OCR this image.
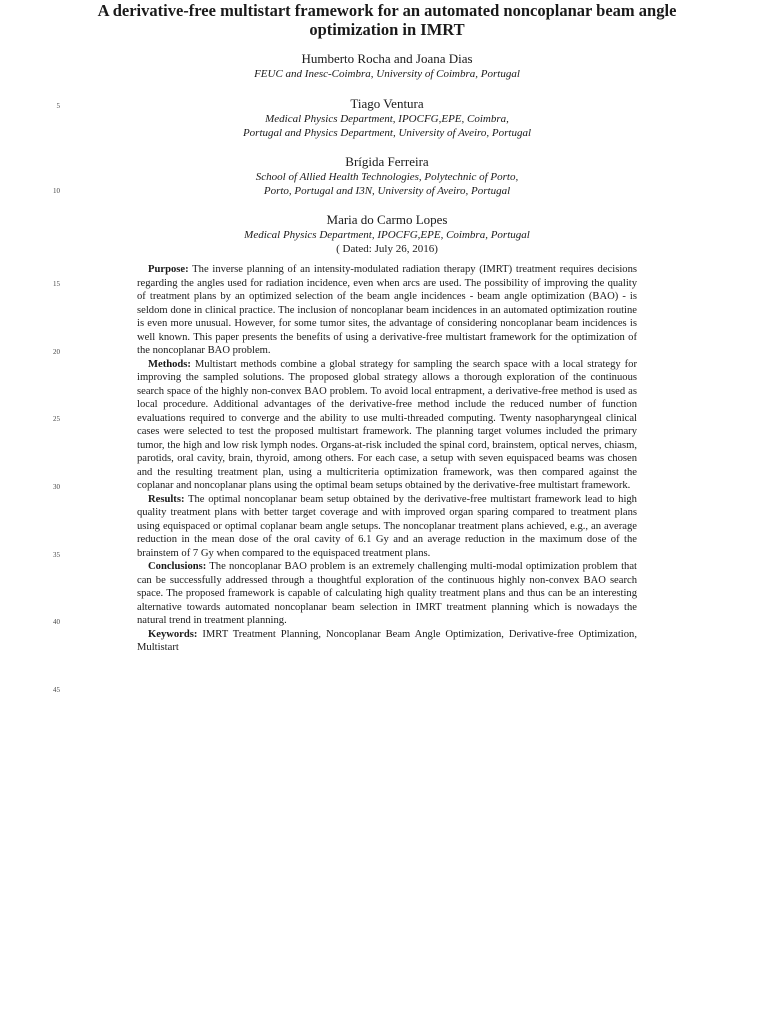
A derivative-free multistart framework for an automated noncoplanar beam angle optimization in IMRT
Humberto Rocha and Joana Dias
FEUC and Inesc-Coimbra, University of Coimbra, Portugal
Tiago Ventura
Medical Physics Department, IPOCFG,EPE, Coimbra,
Portugal and Physics Department, University of Aveiro, Portugal
Brígida Ferreira
School of Allied Health Technologies, Polytechnic of Porto,
Porto, Portugal and I3N, University of Aveiro, Portugal
Maria do Carmo Lopes
Medical Physics Department, IPOCFG,EPE, Coimbra, Portugal
( Dated: July 26, 2016)
5
10
15
20
25
30
35
40
45

Purpose: The inverse planning of an intensity-modulated radiation therapy (IMRT) treatment requires decisions regarding the angles used for radiation incidence, even when arcs are used. The possibility of improving the quality of treatment plans by an optimized selection of the beam angle incidences - beam angle optimization (BAO) - is seldom done in clinical practice. The inclusion of noncoplanar beam incidences in an automated optimization routine is even more unusual. However, for some tumor sites, the advantage of considering noncoplanar beam incidences is well known. This paper presents the benefits of using a derivative-free multistart framework for the optimization of the noncoplanar BAO problem.

Methods: Multistart methods combine a global strategy for sampling the search space with a local strategy for improving the sampled solutions. The proposed global strategy allows a thorough exploration of the continuous search space of the highly non-convex BAO problem. To avoid local entrapment, a derivative-free method is used as local procedure. Additional advantages of the derivative-free method include the reduced number of function evaluations required to converge and the ability to use multi-threaded computing. Twenty nasopharyngeal clinical cases were selected to test the proposed multistart framework. The planning target volumes included the primary tumor, the high and low risk lymph nodes. Organs-at-risk included the spinal cord, brainstem, optical nerves, chiasm, parotids, oral cavity, brain, thyroid, among others. For each case, a setup with seven equispaced beams was chosen and the resulting treatment plan, using a multicriteria optimization framework, was then compared against the coplanar and noncoplanar plans using the optimal beam setups obtained by the derivative-free multistart framework.

Results: The optimal noncoplanar beam setup obtained by the derivative-free multistart framework lead to high quality treatment plans with better target coverage and with improved organ sparing compared to treatment plans using equispaced or optimal coplanar beam angle setups. The noncoplanar treatment plans achieved, e.g., an average reduction in the mean dose of the oral cavity of 6.1 Gy and an average reduction in the maximum dose of the brainstem of 7 Gy when compared to the equispaced treatment plans.

Conclusions: The noncoplanar BAO problem is an extremely challenging multi-modal optimization problem that can be successfully addressed through a thoughtful exploration of the continuous highly non-convex BAO search space. The proposed framework is capable of calculating high quality treatment plans and thus can be an interesting alternative towards automated noncoplanar beam selection in IMRT treatment planning which is nowadays the natural trend in treatment planning.

Keywords: IMRT Treatment Planning, Noncoplanar Beam Angle Optimization, Derivative-free Optimization, Multistart
